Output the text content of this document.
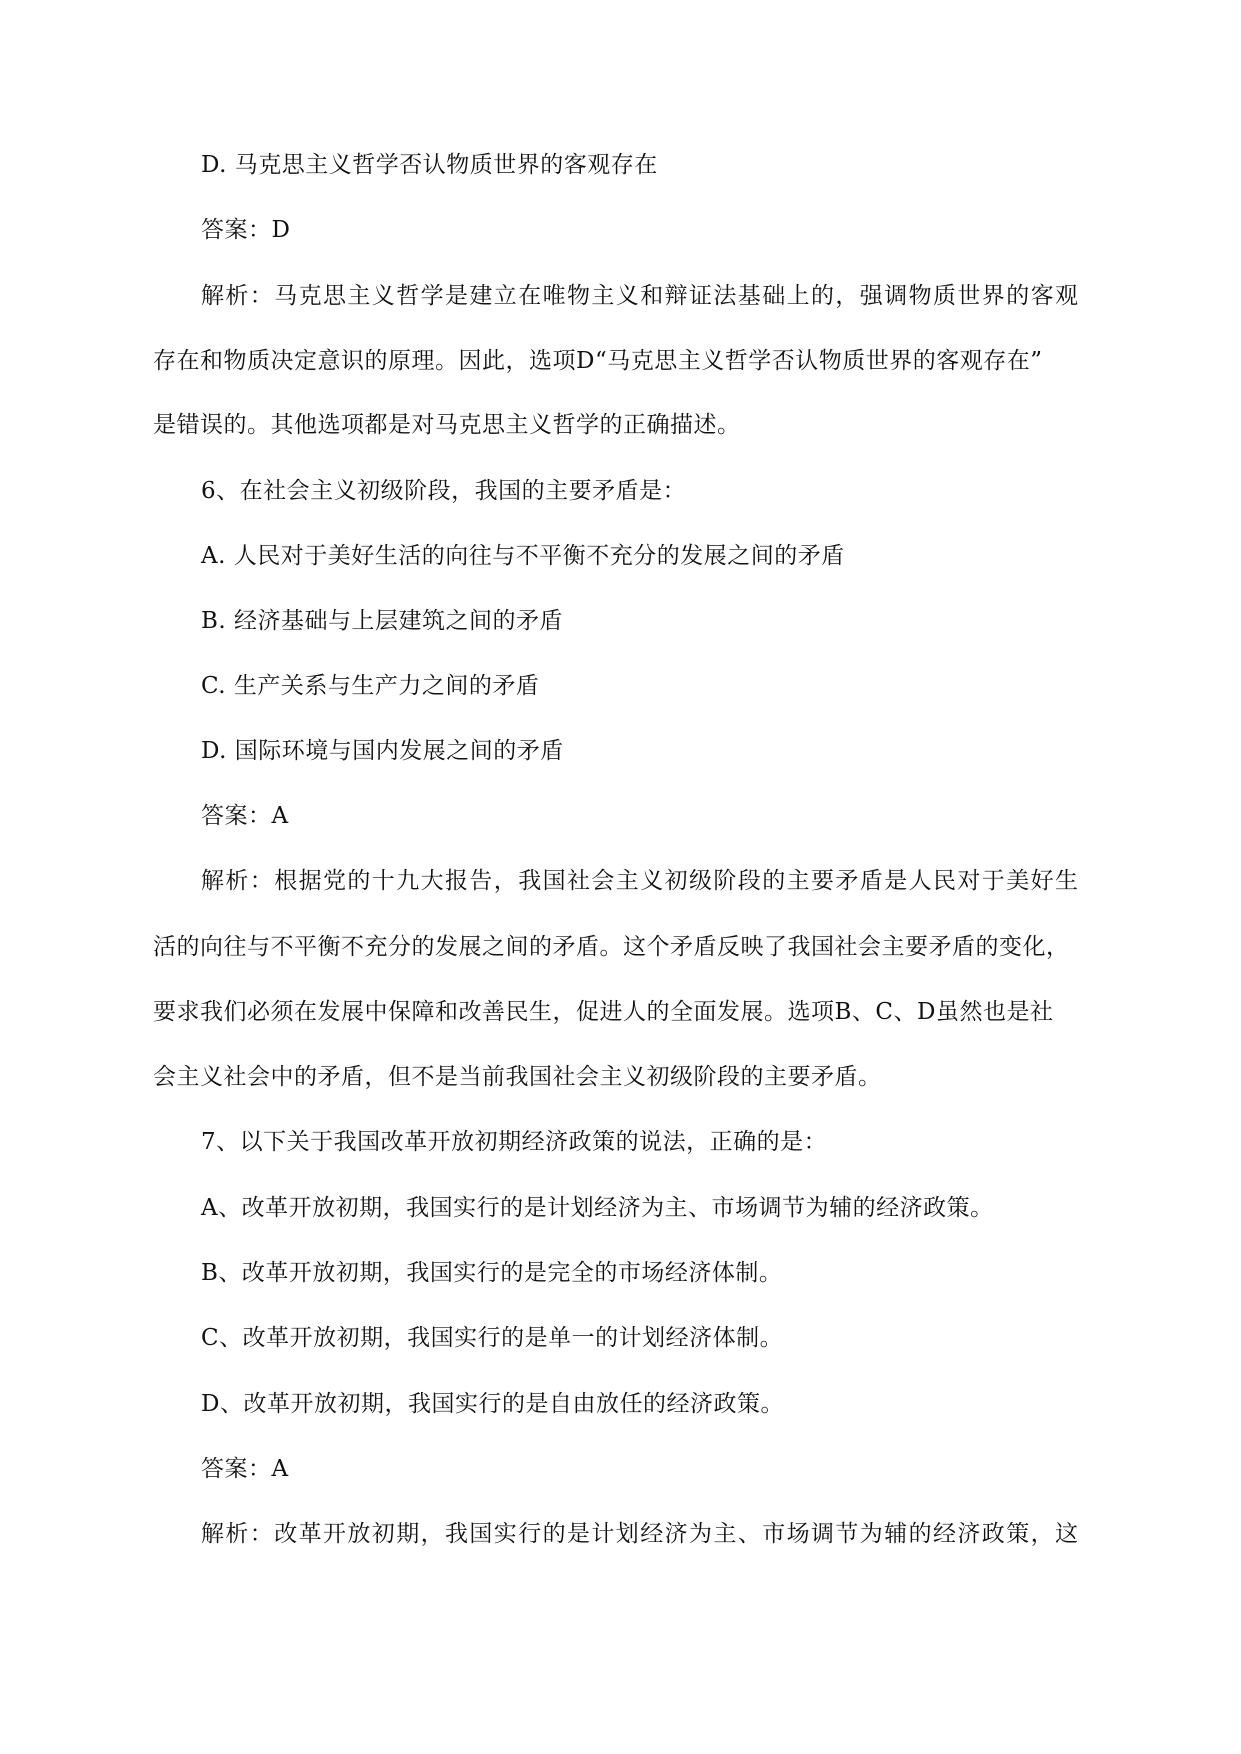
D. 马克思主义哲学否认物质世界的客观存在
答案：D
解析：马克思主义哲学是建立在唯物主义和辩证法基础上的，强调物质世界的客观
存在和物质决定意识的原理。因此，选项D“马克思主义哲学否认物质世界的客观存在”
是错误的。其他选项都是对马克思主义哲学的正确描述。
6、在社会主义初级阶段，我国的主要矛盾是：
A. 人民对于美好生活的向往与不平衡不充分的发展之间的矛盾
B. 经济基础与上层建筑之间的矛盾
C. 生产关系与生产力之间的矛盾
D. 国际环境与国内发展之间的矛盾
答案：A
解析：根据党的十九大报告，我国社会主义初级阶段的主要矛盾是人民对于美好生
活的向往与不平衡不充分的发展之间的矛盾。这个矛盾反映了我国社会主要矛盾的变化，
要求我们必须在发展中保障和改善民生，促进人的全面发展。选项B、C、D虽然也是社
会主义社会中的矛盾，但不是当前我国社会主义初级阶段的主要矛盾。
7、以下关于我国改革开放初期经济政策的说法，正确的是：
A、改革开放初期，我国实行的是计划经济为主、市场调节为辅的经济政策。
B、改革开放初期，我国实行的是完全的市场经济体制。
C、改革开放初期，我国实行的是单一的计划经济体制。
D、改革开放初期，我国实行的是自由放任的经济政策。
答案：A
解析：改革开放初期，我国实行的是计划经济为主、市场调节为辅的经济政策，这
